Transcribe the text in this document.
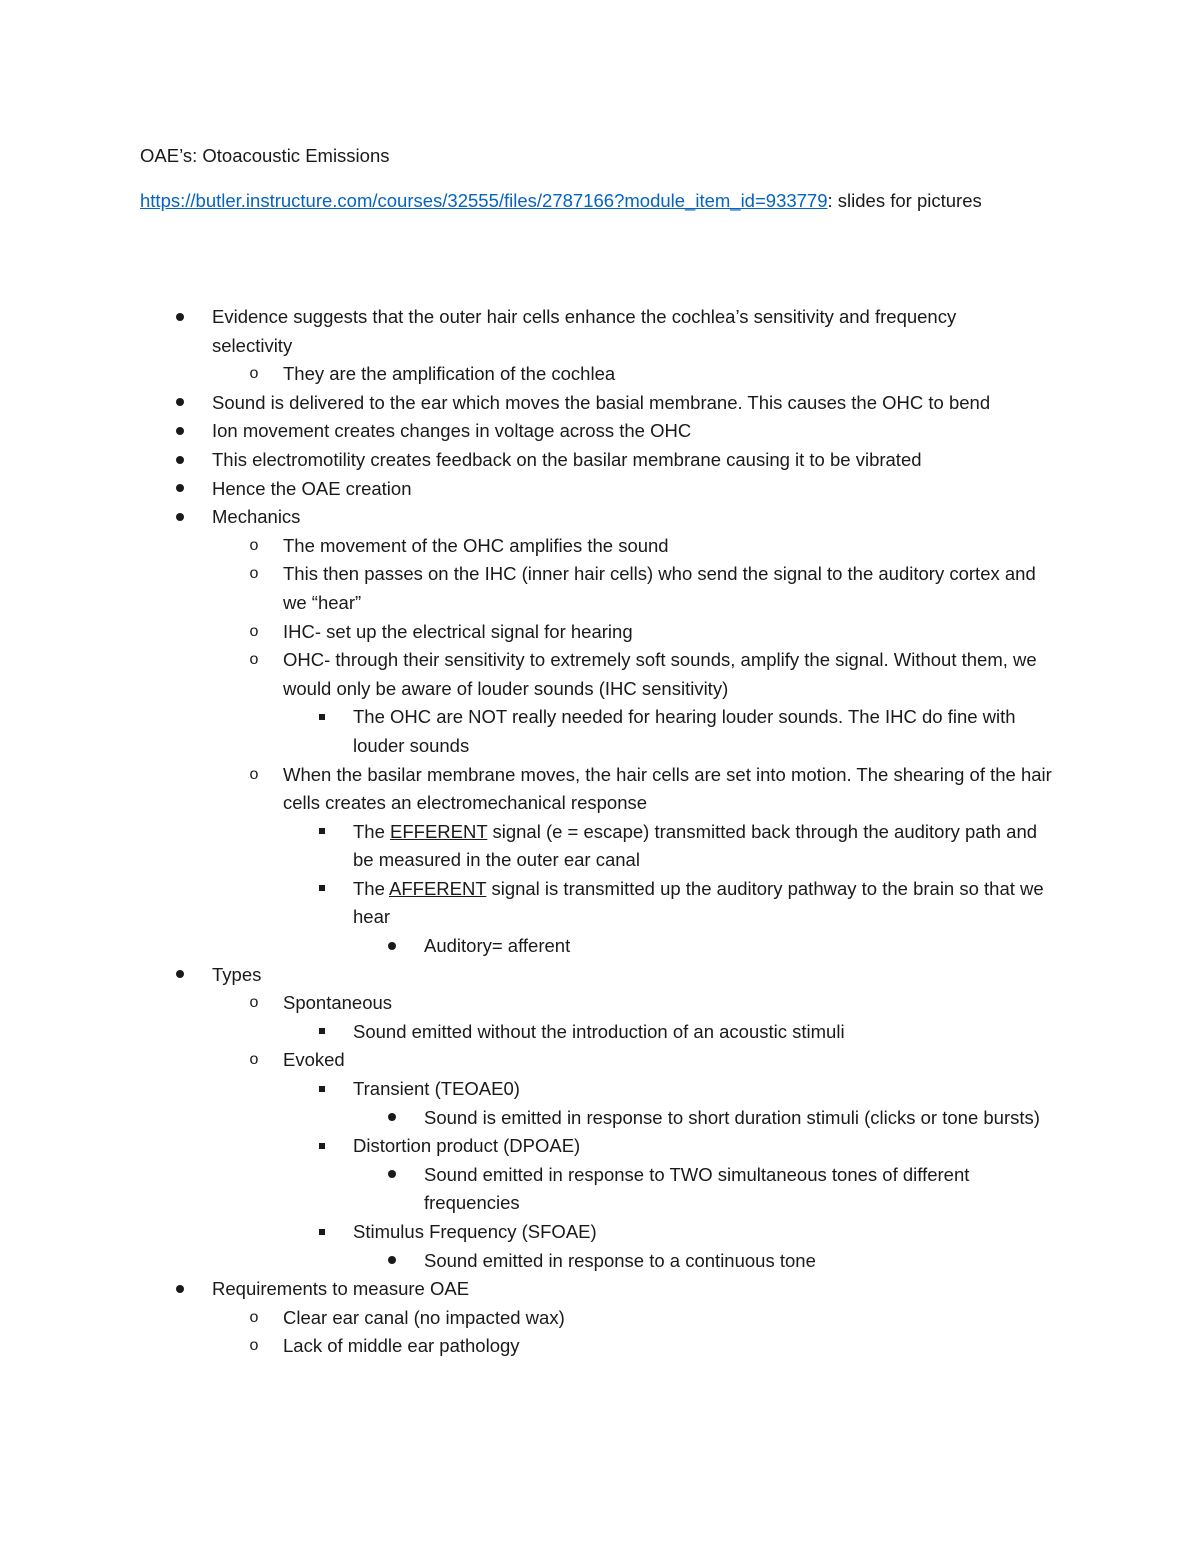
OAE’s: Otoacoustic Emissions
https://butler.instructure.com/courses/32555/files/2787166?module_item_id=933779: slides for pictures
Evidence suggests that the outer hair cells enhance the cochlea’s sensitivity and frequency selectivity
o They are the amplification of the cochlea
Sound is delivered to the ear which moves the basial membrane. This causes the OHC to bend
Ion movement creates changes in voltage across the OHC
This electromotility creates feedback on the basilar membrane causing it to be vibrated
Hence the OAE creation
Mechanics
o The movement of the OHC amplifies the sound
o This then passes on the IHC (inner hair cells) who send the signal to the auditory cortex and we “hear”
o IHC- set up the electrical signal for hearing
o OHC- through their sensitivity to extremely soft sounds, amplify the signal. Without them, we would only be aware of louder sounds (IHC sensitivity)
The OHC are NOT really needed for hearing louder sounds. The IHC do fine with louder sounds
o When the basilar membrane moves, the hair cells are set into motion. The shearing of the hair cells creates an electromechanical response
The EFFERENT signal (e = escape) transmitted back through the auditory path and be measured in the outer ear canal
The AFFERENT signal is transmitted up the auditory pathway to the brain so that we hear
Auditory= afferent
Types
o Spontaneous
Sound emitted without the introduction of an acoustic stimuli
o Evoked
Transient (TEOAE0)
Sound is emitted in response to short duration stimuli (clicks or tone bursts)
Distortion product (DPOAE)
Sound emitted in response to TWO simultaneous tones of different frequencies
Stimulus Frequency (SFOAE)
Sound emitted in response to a continuous tone
Requirements to measure OAE
o Clear ear canal (no impacted wax)
o Lack of middle ear pathology
